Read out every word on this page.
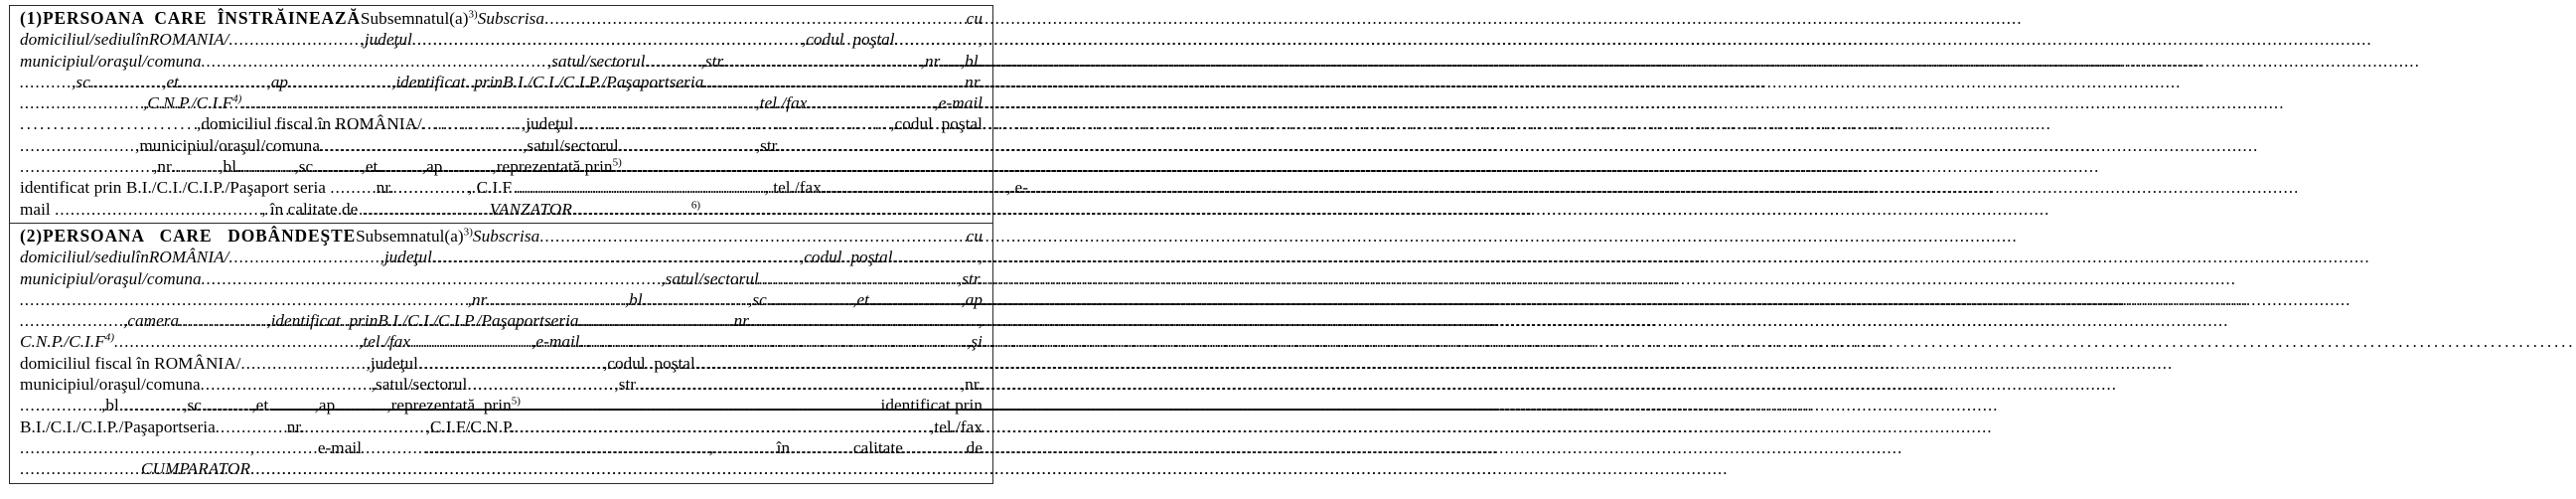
(1) PERSOANA  CARE  ÎNSTRĂINEAZĂ $Subsemnatul(a)^{3)}Subscrisa$ .....	cu
domiciliul/sediul în ROMANIA/ .....	, judeţul .....	, codul  poştal .....	,
municipiul/oraşul/comuna .....	, satul/sectorul .....	, str. .....	, nr. ..... , bl.
.....
, sc. .....	, et. .....	, ap .....	, identificat  prin B.I./C.I./C.I.P./Paşaport seria .....	nr.
.....
, $C.N.P./C.I.F^{4)}$ .....	, tel./fax .....	, e-mail
.....
, domiciliul fiscal în ROMÂNIA/ .....	, judeţul .....	, codul  poştal
.....
, municipiul/oraşul/comuna .....	, satul/sectorul .....	, str.
.....
.....
, nr. .....	, bl. .....	, sc. .....	, et. ..... , ap .....	, reprezentată prin$^{5)}$
.....
identificat prin B.I./C.I./C.I.P./Paşaport seria .....	nr. .....	, C.I.F .....	, tel./fax .....	, e-
mail .....	, în calitate de .....	VANZATOR .....	$^{6)}$
(2) PERSOANA   CARE   DOBÂNDEŞTE $Subsemnatul(a)^{3)}Subscrisa$ .....	cu
domiciliul/sediul în ROMÂNIA/ .....	, judeţul .....	, codul  poştal .....	,
municipiul/oraşul/comuna .....	, satul/sectorul .....	, str.
.....
, nr. .....	, bl. .....	, sc. .....	, et. .....	, ap
.....
, camera .....	, identificat  prin B.I./C.I./C.I.P./Paşaport seria .....	nr. .....	,
$C.N.P./C.I.F^{4)}$ .....	, tel./fax .....	, e-mail .....	, şi
domiciliul fiscal în ROMÂNIA/ .....	, judeţul .....	, codul  poştal
.....
municipiul/oraşul/comuna .....	, satul/sectorul .....	, str. .....	, nr.
.....
, bl. .....	, sc. .....	, et. ..... , ap .....	, reprezentată  prin$^{5)}$ .....	identificat prin
B.I./C.I./C.I.P./Paşaport seria .....	nr. .....	, C.I.F/C.N.P. .....	, tel./fax
.....
,	e-mail .....	,	în	calitate	de
.....CUMPARATOR.....
